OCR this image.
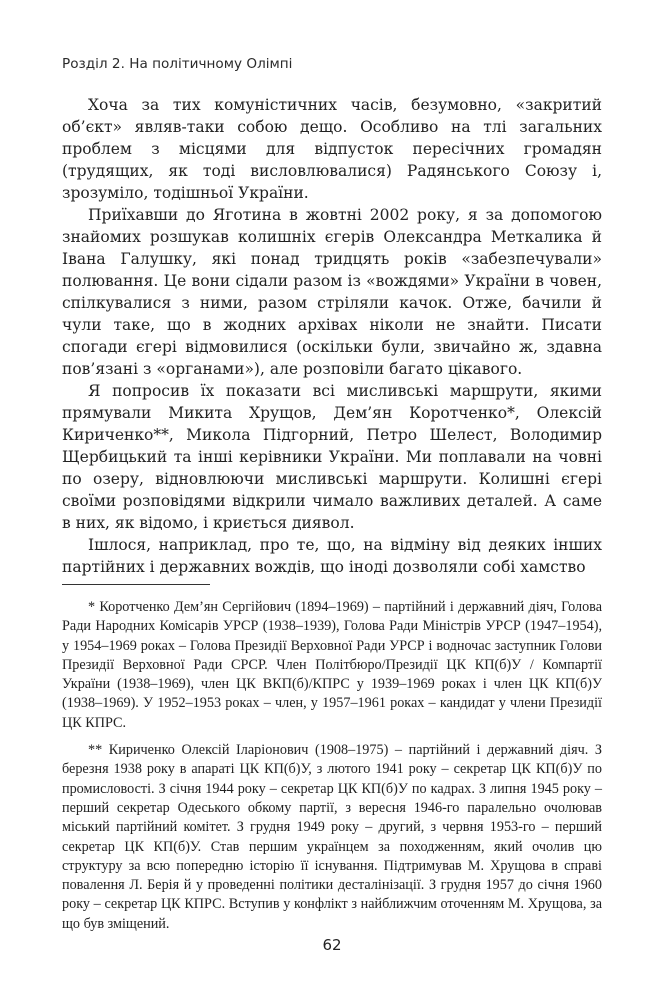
Розділ 2. На політичному Олімпі

Хоча за тих комуністичних часів, безумовно, «закритий об’єкт» являв-таки собою дещо. Особливо на тлі загальних проблем з місцями для відпусток пересічних громадян (трудящих, як тоді висловлювалися) Радянського Союзу і, зрозуміло, тодішньої України.

Приїхавши до Яготина в жовтні 2002 року, я за допомогою знайомих розшукав колишніх єгерів Олександра Меткалика й Івана Галушку, які понад тридцять років «забезпечували» полювання. Це вони сідали разом із «вождями» України в човен, спілкувалися з ними, разом стріляли качок. Отже, бачили й чули таке, що в жодних архівах ніколи не знайти. Писати спогади єгері відмовилися (оскільки були, звичайно ж, здавна пов’язані з «органами»), але розповіли багато цікавого.

Я попросив їх показати всі мисливські маршрути, якими прямували Микита Хрущов, Дем’ян Коротченко*, Олексій Кириченко**, Микола Підгорний, Петро Шелест, Володимир Щербицький та інші керівники України. Ми поплавали на човні по озеру, відновлюючи мисливські маршрути. Колишні єгері своїми розповідями відкрили чимало важливих деталей. А саме в них, як відомо, і криється диявол.

Ішлося, наприклад, про те, що, на відміну від деяких інших партійних і державних вождів, що іноді дозволяли собі хамство

* Коротченко Дем’ян Сергійович (1894–1969) – партійний і державний діяч, Голова Ради Народних Комісарів УРСР (1938–1939), Голова Ради Міністрів УРСР (1947–1954), у 1954–1969 роках – Голова Президії Верховної Ради УРСР і водночас заступник Голови Президії Верховної Ради СРСР. Член Політбюро/Президії ЦК КП(б)У / Компартії України (1938–1969), член ЦК ВКП(б)/КПРС у 1939–1969 роках і член ЦК КП(б)У (1938–1969). У 1952–1953 роках – член, у 1957–1961 роках – кандидат у члени Президії ЦК КПРС.

** Кириченко Олексій Іларіонович (1908–1975) – партійний і державний діяч. З березня 1938 року в апараті ЦК КП(б)У, з лютого 1941 року – секретар ЦК КП(б)У по промисловості. З січня 1944 року – секретар ЦК КП(б)У по кадрах. З липня 1945 року – перший секретар Одеського обкому партії, з вересня 1946-го паралельно очолював міський партійний комітет. З грудня 1949 року – другий, з червня 1953-го – перший секретар ЦК КП(б)У. Став першим українцем за походженням, який очолив цю структуру за всю попередню історію її існування. Підтримував М. Хрущова в справі повалення Л. Берія й у проведенні політики десталінізації. З грудня 1957 до січня 1960 року – секретар ЦК КПРС. Вступив у конфлікт з найближчим оточенням М. Хрущова, за що був зміщений.

62
